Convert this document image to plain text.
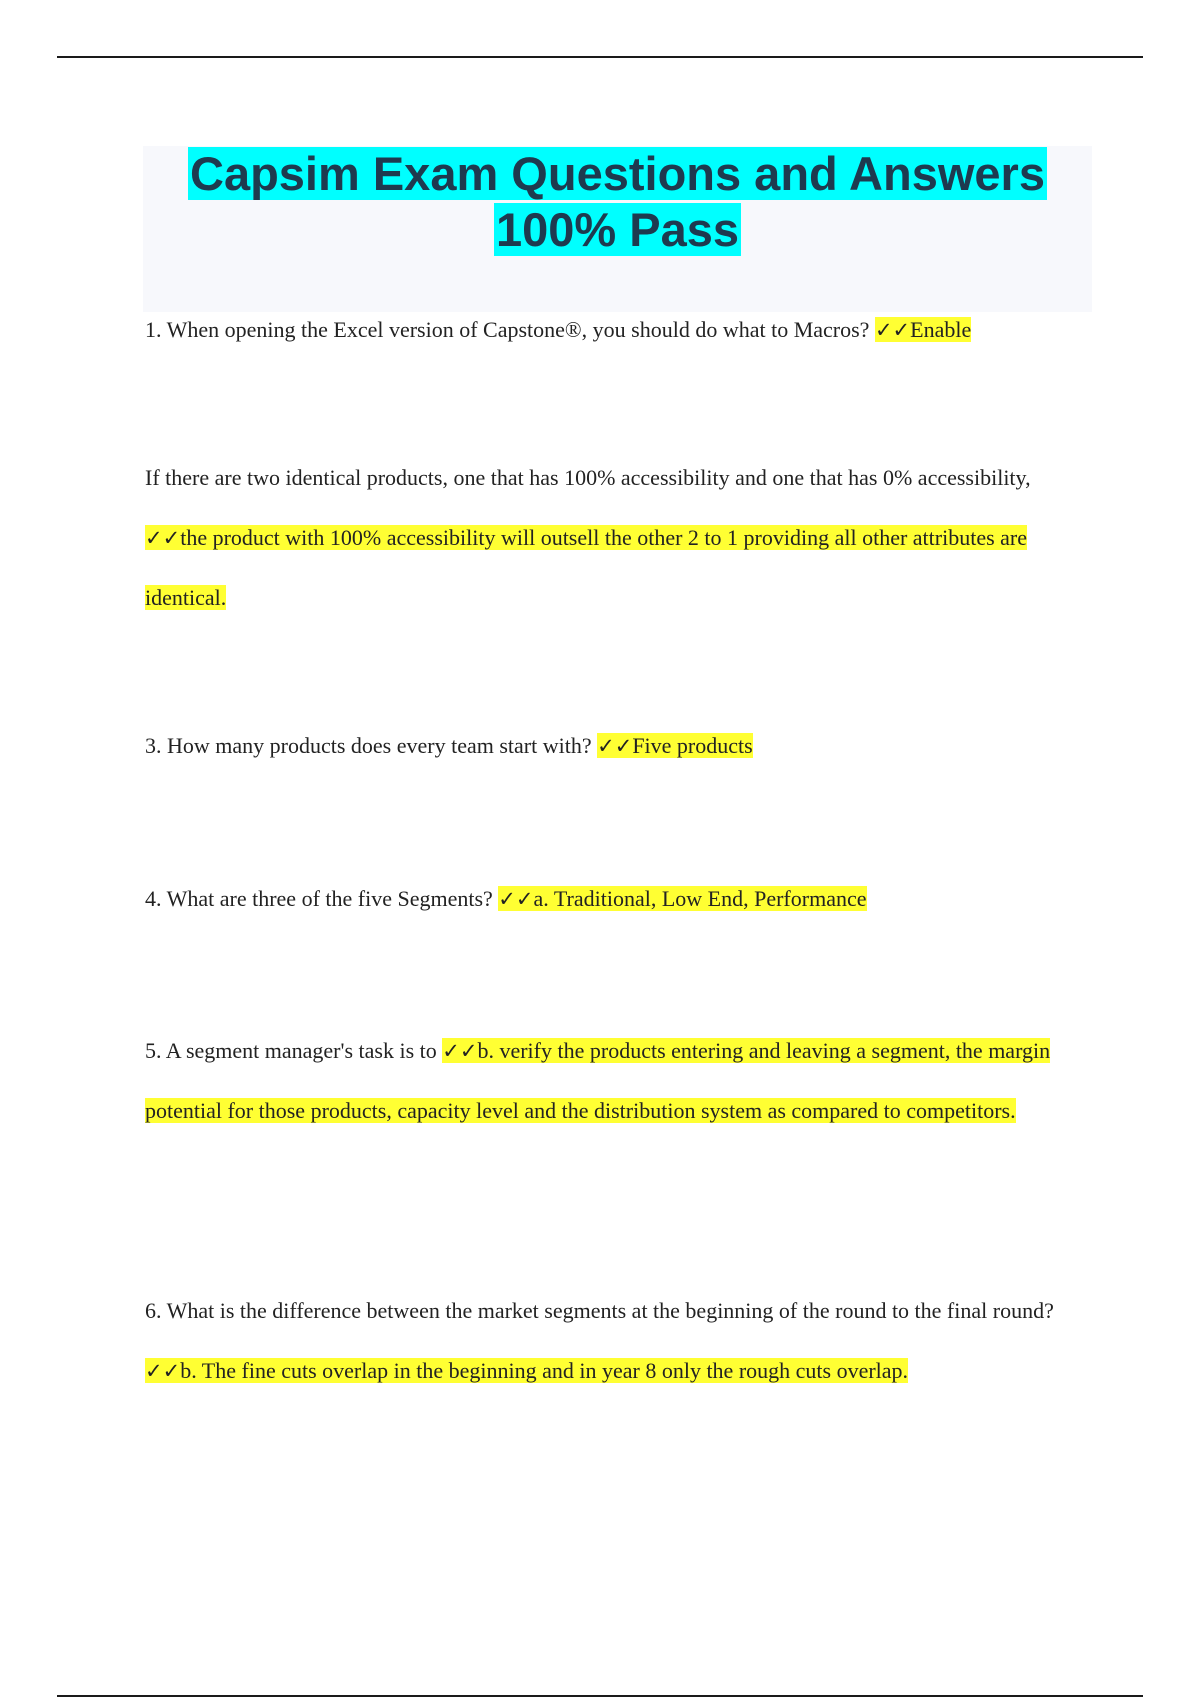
Capsim Exam Questions and Answers
100% Pass

1. When opening the Excel version of Capstone®, you should do what to Macros? ✓✓Enable

If there are two identical products, one that has 100% accessibility and one that has 0% accessibility, ✓✓the product with 100% accessibility will outsell the other 2 to 1 providing all other attributes are identical.

3. How many products does every team start with? ✓✓Five products

4. What are three of the five Segments? ✓✓a. Traditional, Low End, Performance

5. A segment manager's task is to ✓✓b. verify the products entering and leaving a segment, the margin potential for those products, capacity level and the distribution system as compared to competitors.

6. What is the difference between the market segments at the beginning of the round to the final round? ✓✓b. The fine cuts overlap in the beginning and in year 8 only the rough cuts overlap.
